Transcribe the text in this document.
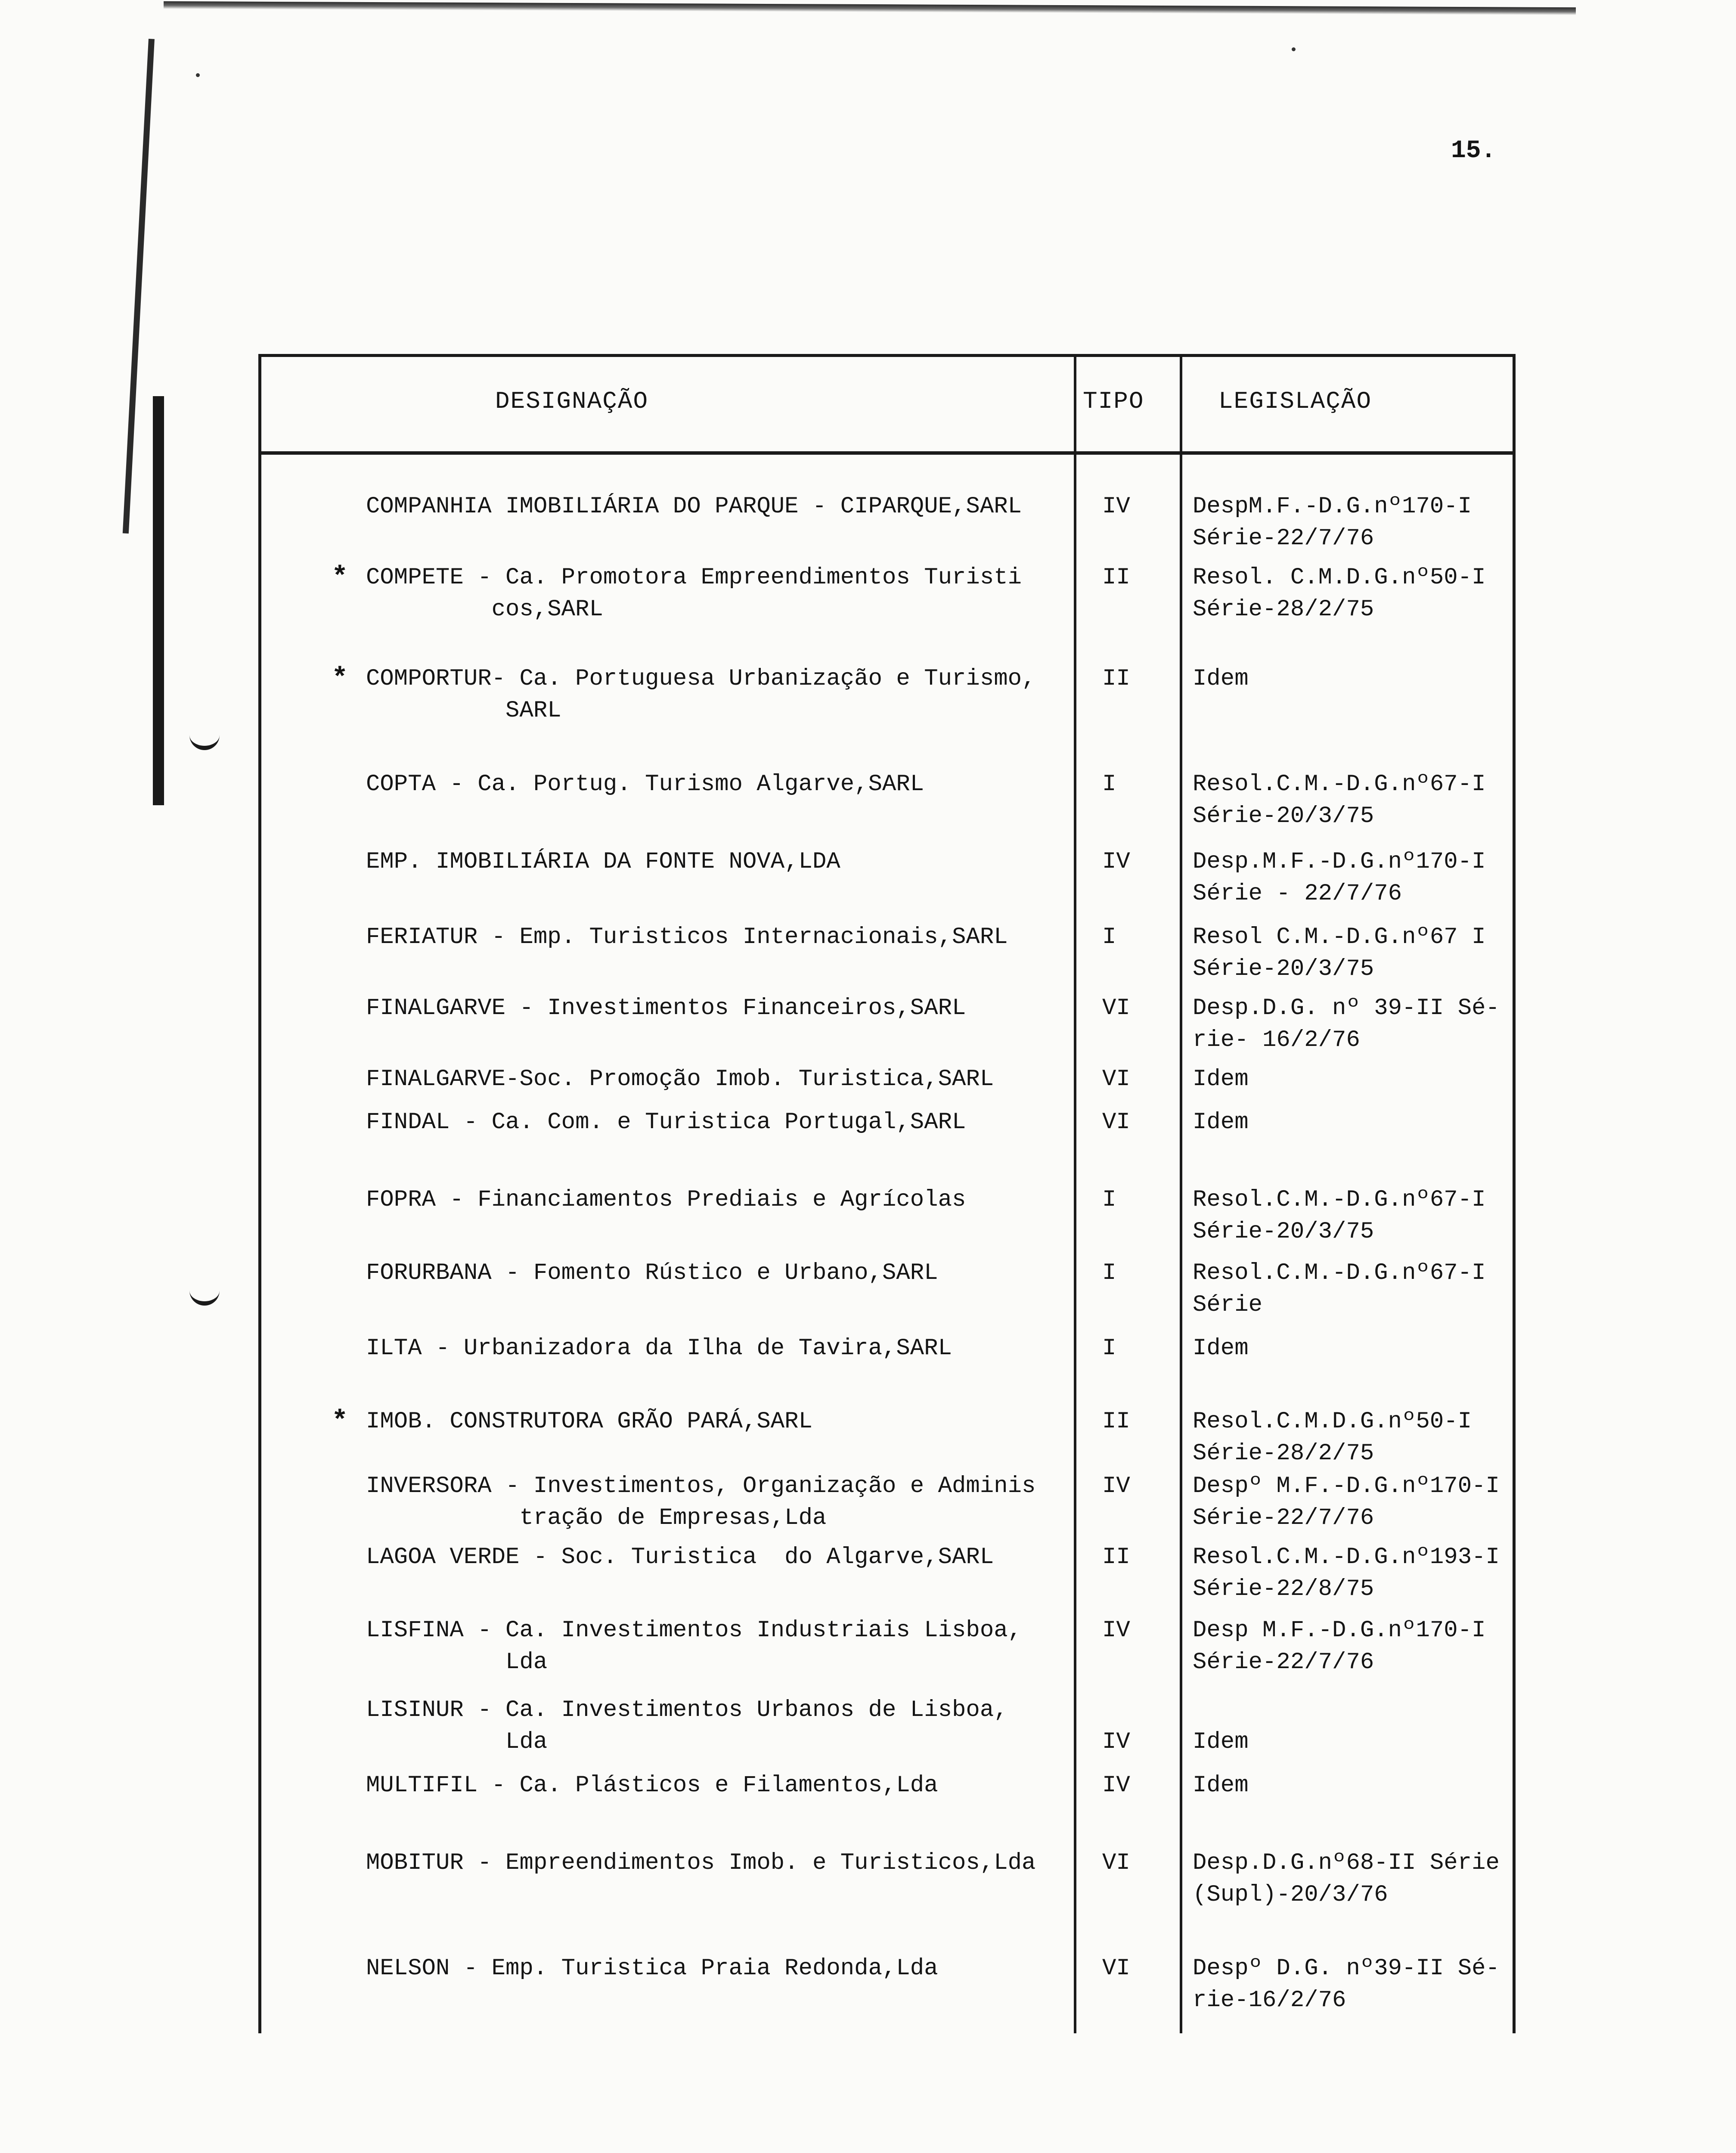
15.
DESIGNAÇÃO	TIPO	LEGISLAÇÃO
COMPANHIA IMOBILIÁRIA DO PARQUE - CIPARQUE,SARL	IV	DespM.F.-D.G.nº170-I
Série-22/7/76
* COMPETE - Ca. Promotora Empreendimentos Turisti
cos,SARL
II	Resol. C.M.D.G.nº50-I
Série-28/2/75
* COMPORTUR- Ca. Portuguesa Urbanização e Turismo,
SARL
II	Idem
COPTA - Ca. Portug. Turismo Algarve,SARL	I	Resol.C.M.-D.G.nº67-I
Série-20/3/75
EMP. IMOBILIÁRIA DA FONTE NOVA,LDA	IV	Desp.M.F.-D.G.nº170-I
Série - 22/7/76
FERIATUR - Emp. Turisticos Internacionais,SARL	I	Resol C.M.-D.G.nº67 I
Série-20/3/75
FINALGARVE - Investimentos Financeiros,SARL	VI	Desp.D.G. nº 39-II Sé-
rie- 16/2/76
FINALGARVE-Soc. Promoção Imob. Turistica,SARL	VI	Idem
FINDAL - Ca. Com. e Turistica Portugal,SARL	VI	Idem
FOPRA - Financiamentos Prediais e Agrícolas	I	Resol.C.M.-D.G.nº67-I
Série-20/3/75
FORURBANA - Fomento Rústico e Urbano,SARL	I	Resol.C.M.-D.G.nº67-I
Série
ILTA - Urbanizadora da Ilha de Tavira,SARL	I	Idem
* IMOB. CONSTRUTORA GRÃO PARÁ,SARL	II	Resol.C.M.D.G.nº50-I
Série-28/2/75
INVERSORA - Investimentos, Organização e Adminis
tração de Empresas,Lda
IV	Despº M.F.-D.G.nº170-I
Série-22/7/76
LAGOA VERDE - Soc. Turistica  do Algarve,SARL	II	Resol.C.M.-D.G.nº193-I
Série-22/8/75
LISFINA - Ca. Investimentos Industriais Lisboa,
Lda
IV	Desp M.F.-D.G.nº170-I
Série-22/7/76
LISINUR - Ca. Investimentos Urbanos de Lisboa,
Lda	IV	Idem
MULTIFIL - Ca. Plásticos e Filamentos,Lda	IV	Idem
MOBITUR - Empreendimentos Imob. e Turisticos,Lda	VI	Desp.D.G.nº68-II Série
(Supl)-20/3/76
NELSON - Emp. Turistica Praia Redonda,Lda	VI	Despº D.G. nº39-II Sé-
rie-16/2/76
